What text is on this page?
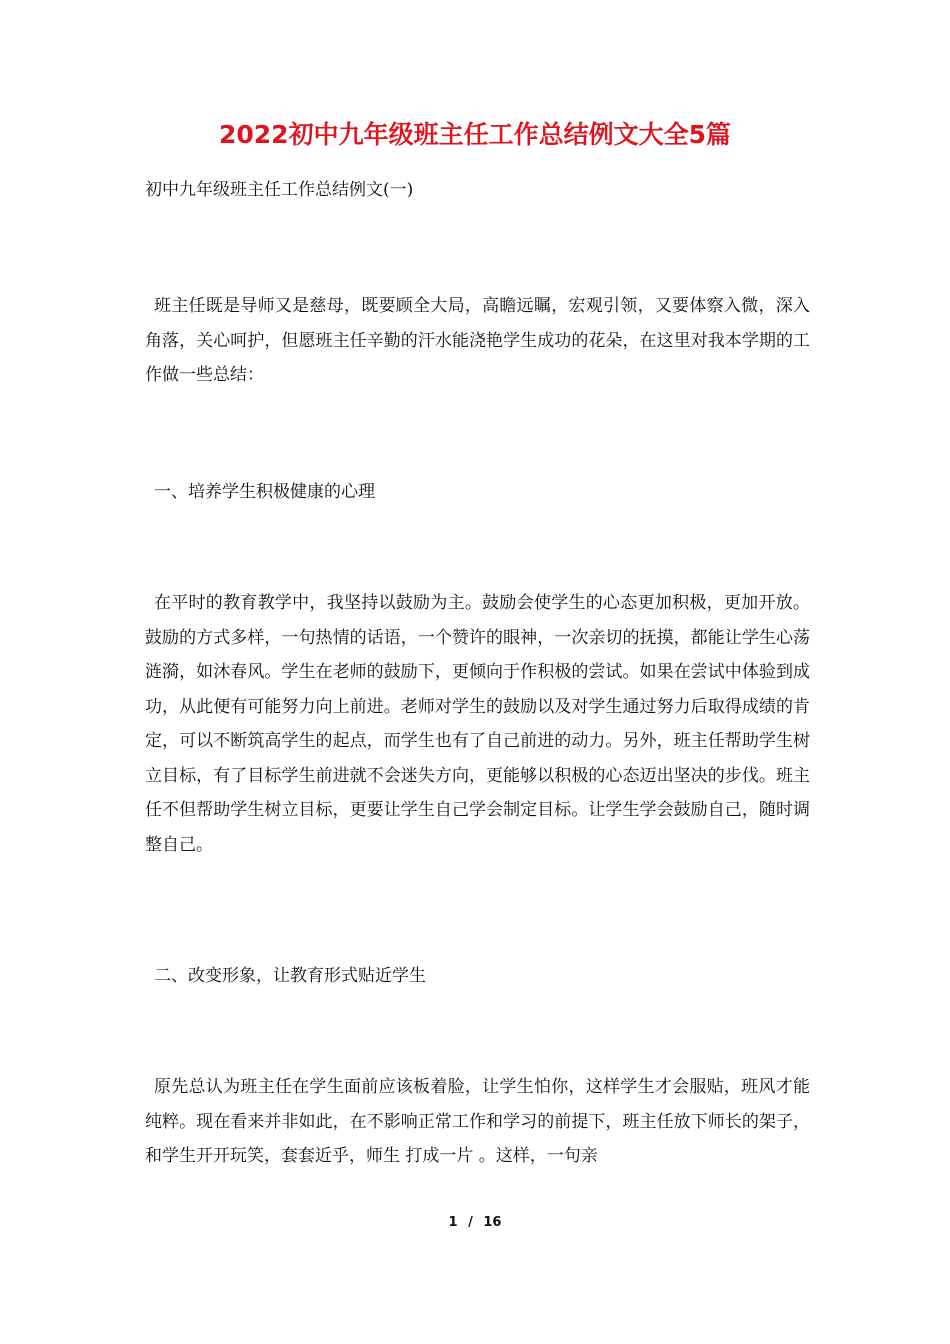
2022初中九年级班主任工作总结例文大全5篇

初中九年级班主任工作总结例文(一)

班主任既是导师又是慈母，既要顾全大局，高瞻远瞩，宏观引领，又要体察入微，深入角落，关心呵护，但愿班主任辛勤的汗水能浇艳学生成功的花朵，在这里对我本学期的工作做一些总结：

一、培养学生积极健康的心理

在平时的教育教学中，我坚持以鼓励为主。鼓励会使学生的心态更加积极，更加开放。鼓励的方式多样，一句热情的话语，一个赞许的眼神，一次亲切的抚摸，都能让学生心荡涟漪，如沐春风。学生在老师的鼓励下，更倾向于作积极的尝试。如果在尝试中体验到成功，从此便有可能努力向上前进。老师对学生的鼓励以及对学生通过努力后取得成绩的肯定，可以不断筑高学生的起点，而学生也有了自己前进的动力。另外，班主任帮助学生树立目标，有了目标学生前进就不会迷失方向，更能够以积极的心态迈出坚决的步伐。班主任不但帮助学生树立目标，更要让学生自己学会制定目标。让学生学会鼓励自己，随时调整自己。

二、改变形象，让教育形式贴近学生

原先总认为班主任在学生面前应该板着脸，让学生怕你，这样学生才会服贴，班风才能纯粹。现在看来并非如此，在不影响正常工作和学习的前提下，班主任放下师长的架子，和学生开开玩笑，套套近乎，师生 打成一片 。这样，一句亲

1 / 16
